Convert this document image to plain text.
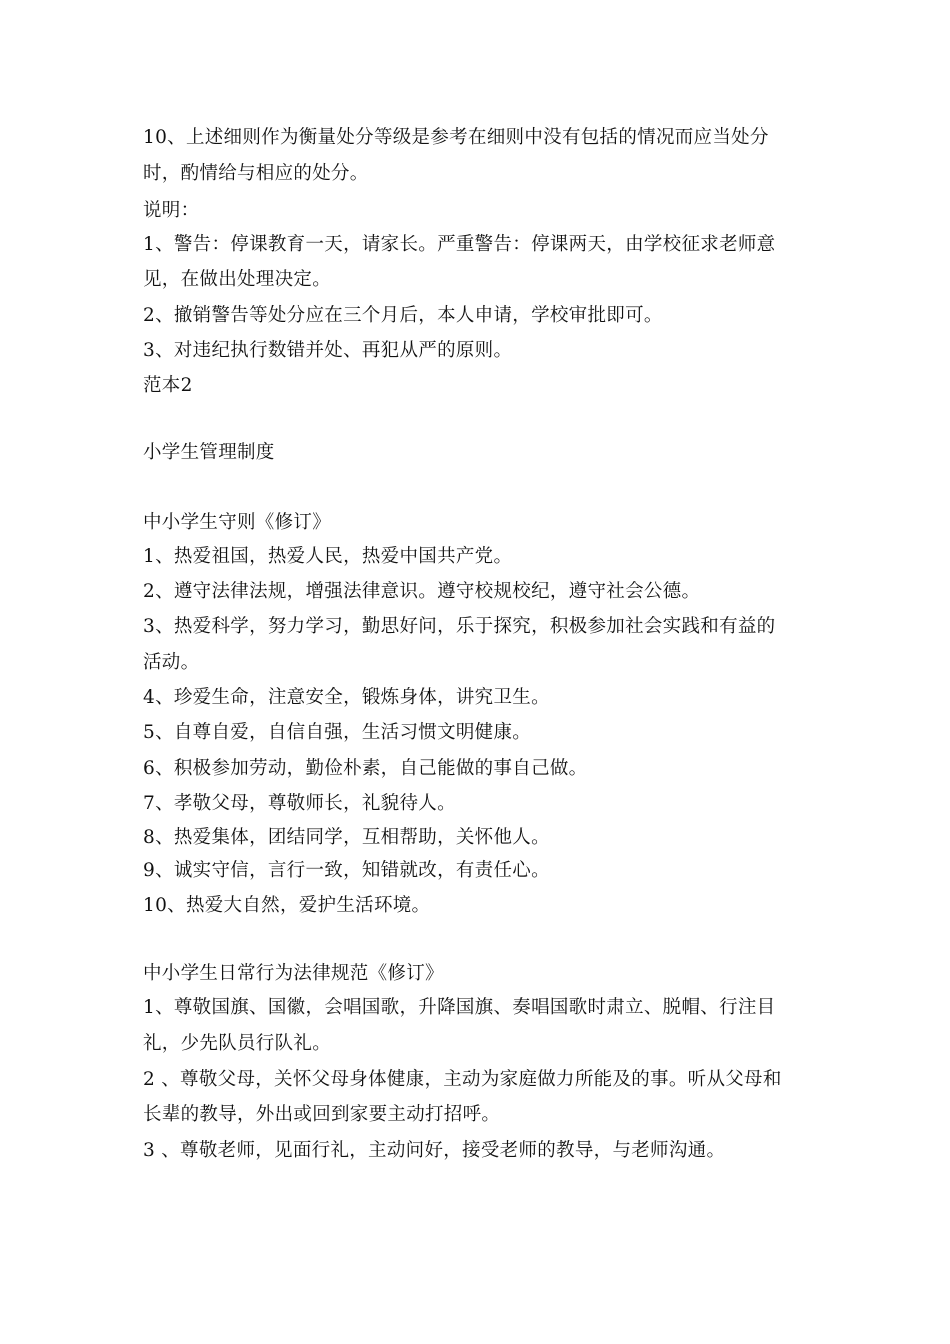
10、上述细则作为衡量处分等级是参考在细则中没有包括的情况而应当处分
时，酌情给与相应的处分。
说明：
1、警告：停课教育一天，请家长。严重警告：停课两天，由学校征求老师意
见，在做出处理决定。
2、撤销警告等处分应在三个月后，本人申请，学校审批即可。
3、对违纪执行数错并处、再犯从严的原则。
范本2
小学生管理制度
中小学生守则《修订》
1、热爱祖国，热爱人民，热爱中国共产党。
2、遵守法律法规，增强法律意识。遵守校规校纪，遵守社会公德。
3、热爱科学，努力学习，勤思好问，乐于探究，积极参加社会实践和有益的
活动。
4、珍爱生命，注意安全，锻炼身体，讲究卫生。
5、自尊自爱，自信自强，生活习惯文明健康。
6、积极参加劳动，勤俭朴素，自己能做的事自己做。
7、孝敬父母，尊敬师长，礼貌待人。
8、热爱集体，团结同学，互相帮助，关怀他人。
9、诚实守信，言行一致，知错就改，有责任心。
10、热爱大自然，爱护生活环境。
中小学生日常行为法律规范《修订》
1、尊敬国旗、国徽，会唱国歌，升降国旗、奏唱国歌时肃立、脱帽、行注目
礼，少先队员行队礼。
2 、尊敬父母，关怀父母身体健康，主动为家庭做力所能及的事。听从父母和
长辈的教导，外出或回到家要主动打招呼。
3 、尊敬老师，见面行礼，主动问好，接受老师的教导，与老师沟通。
